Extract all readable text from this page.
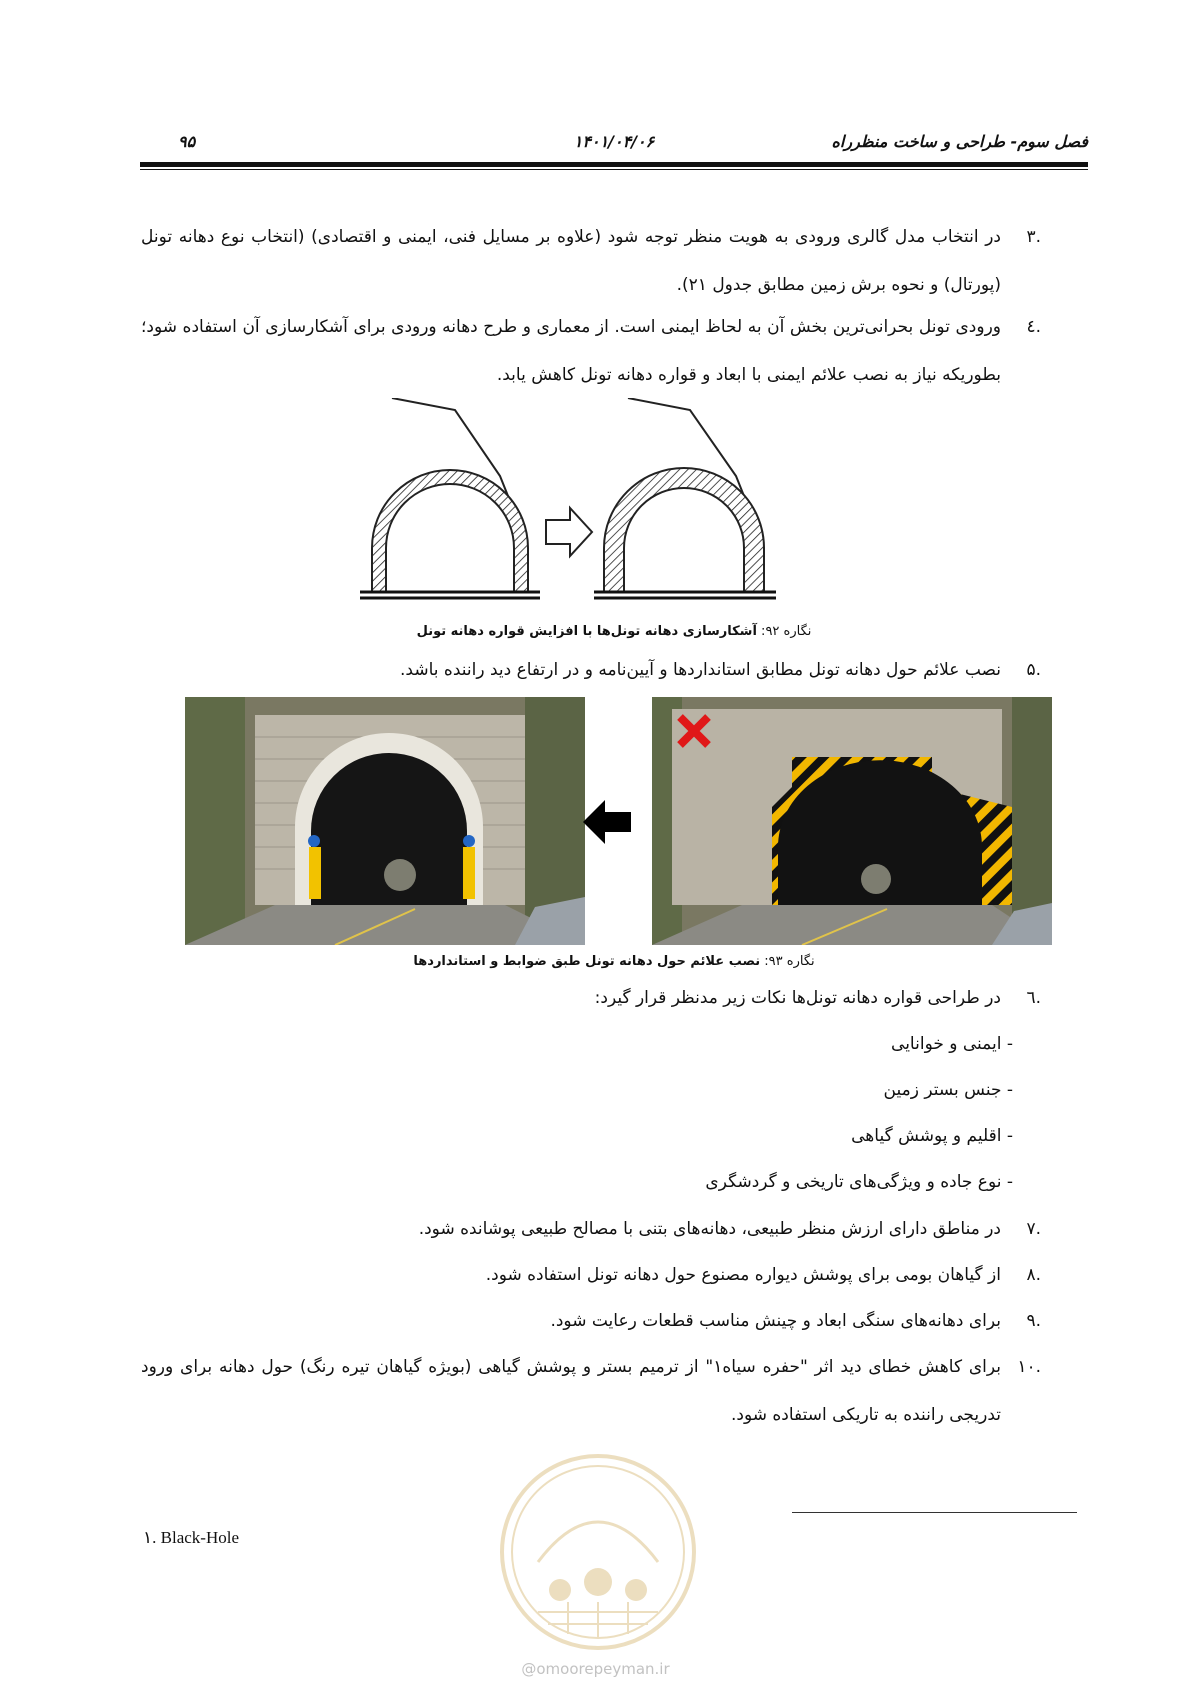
فصل سوم- طراحی و ساخت منظرراه
۱۴۰۱/۰۴/۰۶
۹۵
.۳
در انتخاب مدل گالری ورودی به هویت منظر توجه شود (علاوه بر مسایل فنی، ایمنی و اقتصادی) (انتخاب نوع دهانه تونل (پورتال) و نحوه برش زمین مطابق جدول ۲۱).
.٤
ورودی تونل بحرانی‌ترین بخش آن به لحاظ ایمنی است. از معماری و طرح دهانه ورودی برای آشکارسازی آن استفاده شود؛ بطوریکه نیاز به نصب علائم ایمنی با ابعاد و قواره دهانه تونل کاهش یابد.
نگاره ۹۲: آشکارسازی دهانه تونل‌ها با افزایش قواره دهانه تونل
.۵
نصب علائم حول دهانه تونل مطابق استانداردها و آیین‌نامه و در ارتفاع دید راننده باشد.
نگاره ۹۳: نصب علائم حول دهانه تونل طبق ضوابط و استانداردها
.٦
در طراحی قواره دهانه تونل‌ها نکات زیر مدنظر قرار گیرد:
- ایمنی و خوانایی
- جنس بستر زمین
- اقلیم و پوشش گیاهی
- نوع جاده و ویژگی‌های تاریخی و گردشگری
.٧
در مناطق دارای ارزش منظر طبیعی، دهانه‌های بتنی با مصالح طبیعی پوشانده شود.
.٨
از گیاهان بومی برای پوشش دیواره مصنوع حول دهانه تونل استفاده شود.
.۹
برای دهانه‌های سنگی ابعاد و چینش مناسب قطعات رعایت شود.
.۱۰
برای کاهش خطای دید اثر "حفره سیاه۱" از ترمیم بستر و پوشش گیاهی (بویژه گیاهان تیره رنگ) حول دهانه برای ورود تدریجی راننده به تاریکی استفاده شود.
@omoorepeyman.ir
۱. Black-Hole
